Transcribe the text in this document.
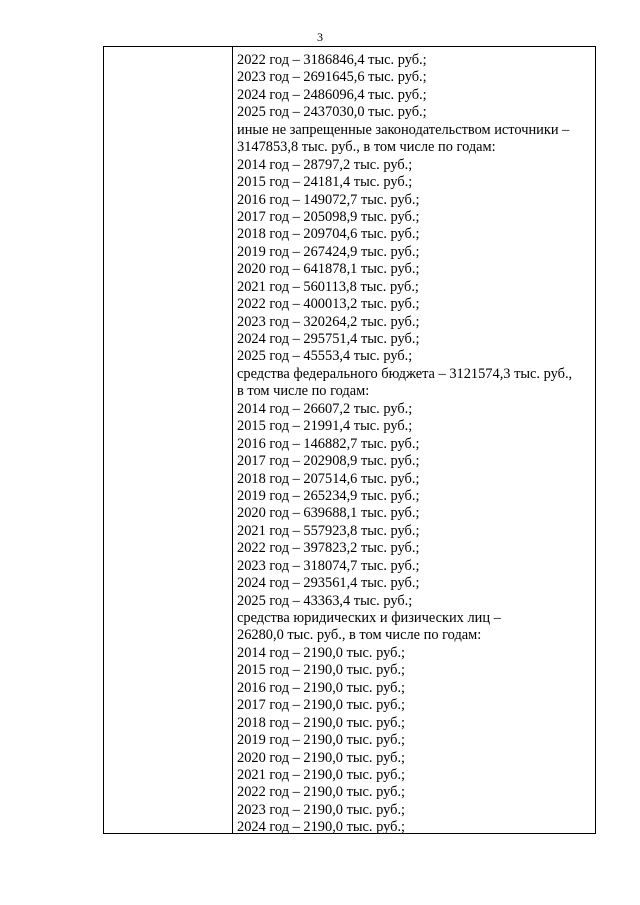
3
2022 год – 3186846,4 тыс. руб.;
2023 год – 2691645,6 тыс. руб.;
2024 год – 2486096,4 тыс. руб.;
2025 год – 2437030,0 тыс. руб.;
иные не запрещенные законодательством источники –
3147853,8 тыс. руб., в том числе по годам:
2014 год – 28797,2 тыс. руб.;
2015 год – 24181,4 тыс. руб.;
2016 год – 149072,7 тыс. руб.;
2017 год – 205098,9 тыс. руб.;
2018 год – 209704,6 тыс. руб.;
2019 год – 267424,9 тыс. руб.;
2020 год – 641878,1 тыс. руб.;
2021 год – 560113,8 тыс. руб.;
2022 год – 400013,2 тыс. руб.;
2023 год – 320264,2 тыс. руб.;
2024 год – 295751,4 тыс. руб.;
2025 год – 45553,4 тыс. руб.;
средства федерального бюджета – 3121574,3 тыс. руб.,
в том числе по годам:
2014 год – 26607,2 тыс. руб.;
2015 год – 21991,4 тыс. руб.;
2016 год – 146882,7 тыс. руб.;
2017 год – 202908,9 тыс. руб.;
2018 год – 207514,6 тыс. руб.;
2019 год – 265234,9 тыс. руб.;
2020 год – 639688,1 тыс. руб.;
2021 год – 557923,8 тыс. руб.;
2022 год – 397823,2 тыс. руб.;
2023 год – 318074,7 тыс. руб.;
2024 год – 293561,4 тыс. руб.;
2025 год – 43363,4 тыс. руб.;
средства юридических и физических лиц –
26280,0 тыс. руб., в том числе по годам:
2014 год – 2190,0 тыс. руб.;
2015 год – 2190,0 тыс. руб.;
2016 год – 2190,0 тыс. руб.;
2017 год – 2190,0 тыс. руб.;
2018 год – 2190,0 тыс. руб.;
2019 год – 2190,0 тыс. руб.;
2020 год – 2190,0 тыс. руб.;
2021 год – 2190,0 тыс. руб.;
2022 год – 2190,0 тыс. руб.;
2023 год – 2190,0 тыс. руб.;
2024 год – 2190,0 тыс. руб.;
